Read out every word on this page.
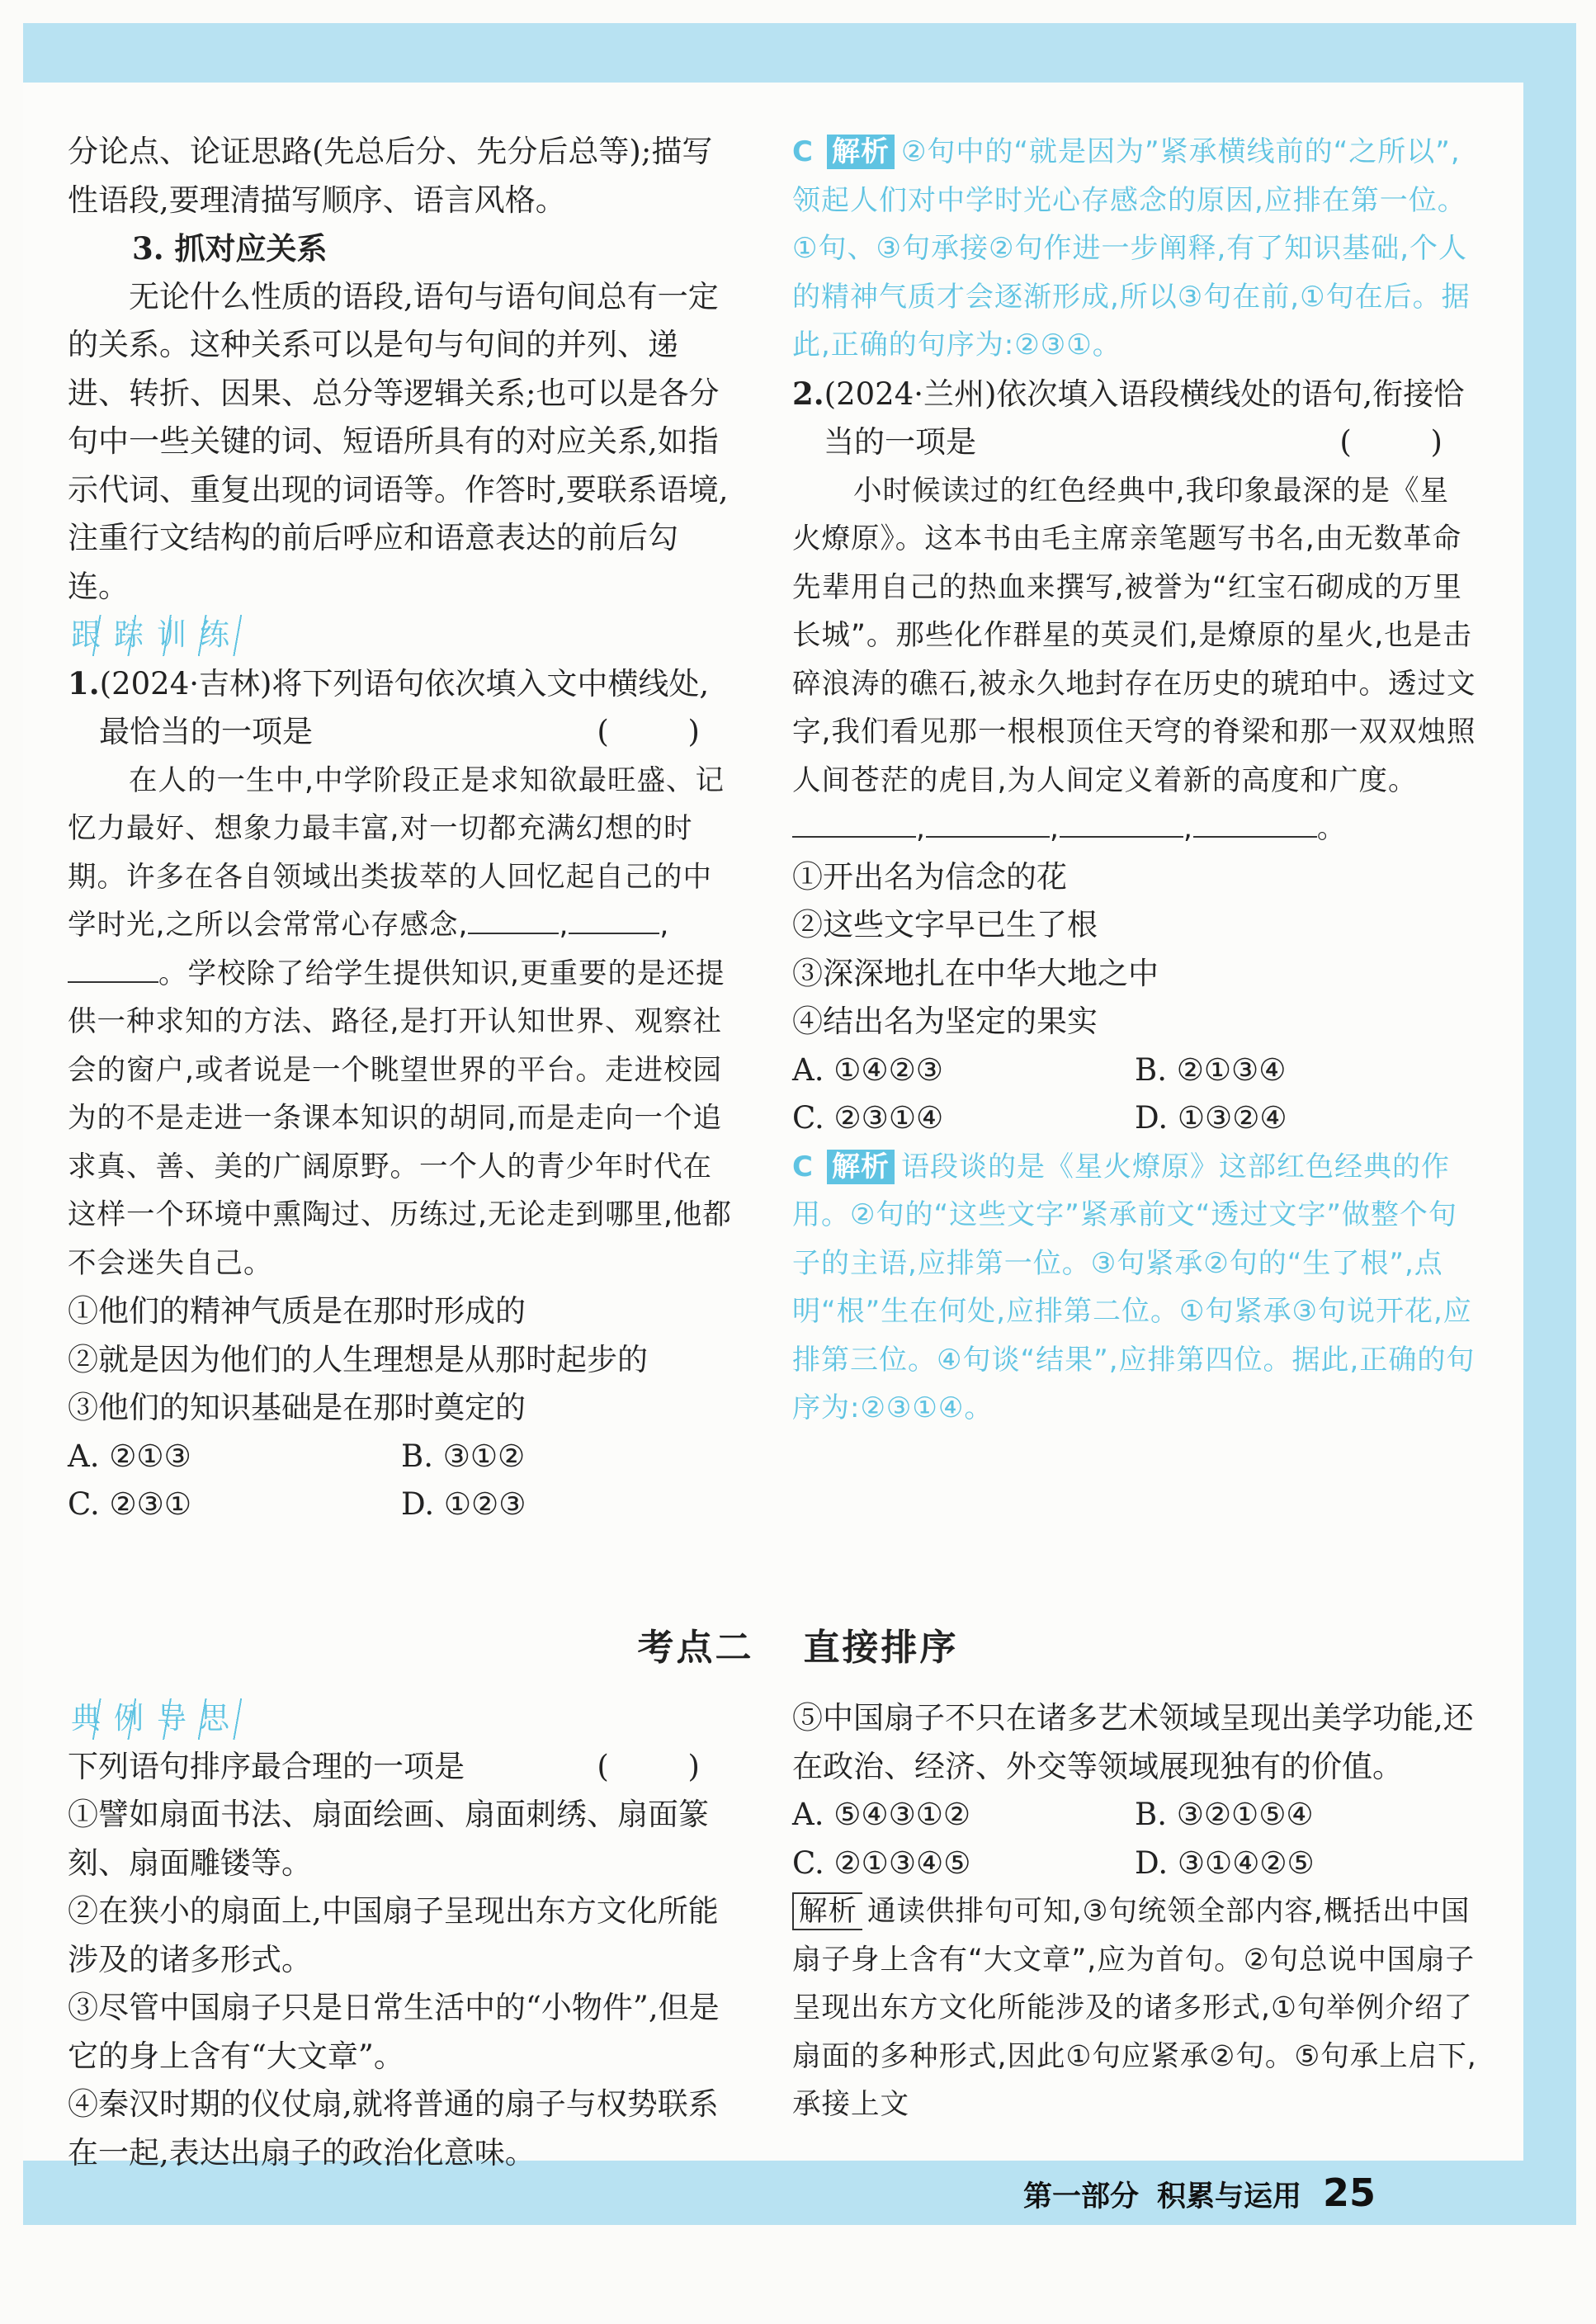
分论点、论证思路(先总后分、先分后总等);描写性语段,要理清描写顺序、语言风格。

3. 抓对应关系

无论什么性质的语段,语句与语句间总有一定的关系。这种关系可以是句与句间的并列、递进、转折、因果、总分等逻辑关系;也可以是各分句中一些关键的词、短语所具有的对应关系,如指示代词、重复出现的词语等。作答时,要联系语境,注重行文结构的前后呼应和语意表达的前后勾连。

跟踪训练

1.(2024·吉林)将下列语句依次填入文中横线处,最恰当的一项是	( )

在人的一生中,中学阶段正是求知欲最旺盛、记忆力最好、想象力最丰富,对一切都充满幻想的时期。许多在各自领域出类拔萃的人回忆起自己的中学时光,之所以会常常心存感念,	,	,。学校除了给学生提供知识,更重要的是还提供一种求知的方法、路径,是打开认知世界、观察社会的窗户,或者说是一个眺望世界的平台。走进校园为的不是走进一条课本知识的胡同,而是走向一个追求真、善、美的广阔原野。一个人的青少年时代在这样一个环境中熏陶过、历练过,无论走到哪里,他都不会迷失自己。

①他们的精神气质是在那时形成的

②就是因为他们的人生理想是从那时起步的

③他们的知识基础是在那时奠定的

A. ②①③	B. ③①②
C. ②③①	D. ①②③

C 解析 ②句中的“就是因为”紧承横线前的“之所以”,领起人们对中学时光心存感念的原因,应排在第一位。①句、③句承接②句作进一步阐释,有了知识基础,个人的精神气质才会逐渐形成,所以③句在前,①句在后。据此,正确的句序为:②③①。

2.(2024·兰州)依次填入语段横线处的语句,衔接恰当的一项是	( )

小时候读过的红色经典中,我印象最深的是《星火燎原》。这本书由毛主席亲笔题写书名,由无数革命先辈用自己的热血来撰写,被誉为“红宝石砌成的万里长城”。那些化作群星的英灵们,是燎原的星火,也是击碎浪涛的礁石,被永久地封存在历史的琥珀中。透过文字,我们看见那一根根顶住天穹的脊梁和那一双双烛照人间苍茫的虎目,为人间定义着新的高度和广度。,	,	,	。

①开出名为信念的花

②这些文字早已生了根

③深深地扎在中华大地之中

④结出名为坚定的果实

A. ①④②③	B. ②①③④
C. ②③①④	D. ①③②④

C 解析 语段谈的是《星火燎原》这部红色经典的作用。②句的“这些文字”紧承前文“透过文字”做整个句子的主语,应排第一位。③句紧承②句的“生了根”,点明“根”生在何处,应排第二位。①句紧承③句说开花,应排第三位。④句谈“结果”,应排第四位。据此,正确的句序为:②③①④。

考点二 直接排序

典例导思

下列语句排序最合理的一项是	( )

①譬如扇面书法、扇面绘画、扇面刺绣、扇面篆刻、扇面雕镂等。

②在狭小的扇面上,中国扇子呈现出东方文化所能涉及的诸多形式。

③尽管中国扇子只是日常生活中的“小物件”,但是它的身上含有“大文章”。

④秦汉时期的仪仗扇,就将普通的扇子与权势联系在一起,表达出扇子的政治化意味。

⑤中国扇子不只在诸多艺术领域呈现出美学功能,还在政治、经济、外交等领域展现独有的价值。

A. ⑤④③①②	B. ③②①⑤④
C. ②①③④⑤	D. ③①④②⑤

解析 通读供排句可知,③句统领全部内容,概括出中国扇子身上含有“大文章”,应为首句。②句总说中国扇子呈现出东方文化所能涉及的诸多形式,①句举例介绍了扇面的多种形式,因此①句应紧承②句。⑤句承上启下,承接上文

第一部分 积累与运用 25
